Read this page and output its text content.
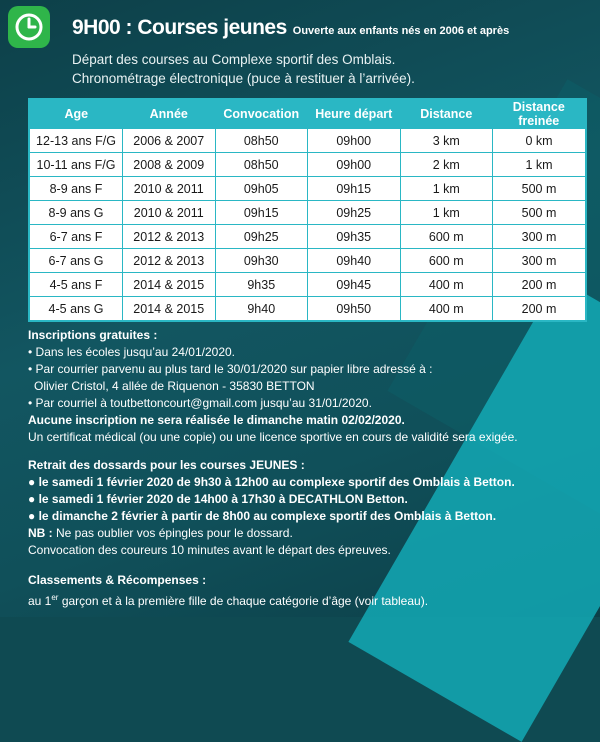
9H00 : Courses jeunes Ouverte aux enfants nés en 2006 et après
Départ des courses au Complexe sportif des Omblais.
Chronométrage électronique (puce à restituer à l’arrivée).
Age	Année	Convocation	Heure départ	Distance	Distance freinée
12-13 ans F/G	2006 & 2007	08h50	09h00	3 km	0 km
10-11 ans F/G	2008 & 2009	08h50	09h00	2 km	1 km
8-9 ans F	2010 & 2011	09h05	09h15	1 km	500 m
8-9 ans G	2010 & 2011	09h15	09h25	1 km	500 m
6-7 ans F	2012 & 2013	09h25	09h35	600 m	300 m
6-7 ans G	2012 & 2013	09h30	09h40	600 m	300 m
4-5 ans F	2014 & 2015	9h35	09h45	400 m	200 m
4-5 ans G	2014 & 2015	9h40	09h50	400 m	200 m
Inscriptions gratuites :
• Dans les écoles jusqu’au 24/01/2020.
• Par courrier parvenu au plus tard le 30/01/2020 sur papier libre adressé à :
Olivier Cristol, 4 allée de Riquenon - 35830 BETTON
• Par courriel à toutbettoncourt@gmail.com jusqu’au 31/01/2020.
Aucune inscription ne sera réalisée le dimanche matin 02/02/2020.
Un certificat médical (ou une copie) ou une licence sportive en cours de validité sera exigée.
Retrait des dossards pour les courses JEUNES :
● le samedi 1 février 2020 de 9h30 à 12h00 au complexe sportif des Omblais à Betton.
● le samedi 1 février 2020 de 14h00 à 17h30 à DECATHLON Betton.
● le dimanche 2 février à partir de 8h00 au complexe sportif des Omblais à Betton.
NB : Ne pas oublier vos épingles pour le dossard.
Convocation des coureurs 10 minutes avant le départ des épreuves.
Classements & Récompenses :
au 1er garçon et à la première fille de chaque catégorie d’âge (voir tableau).
